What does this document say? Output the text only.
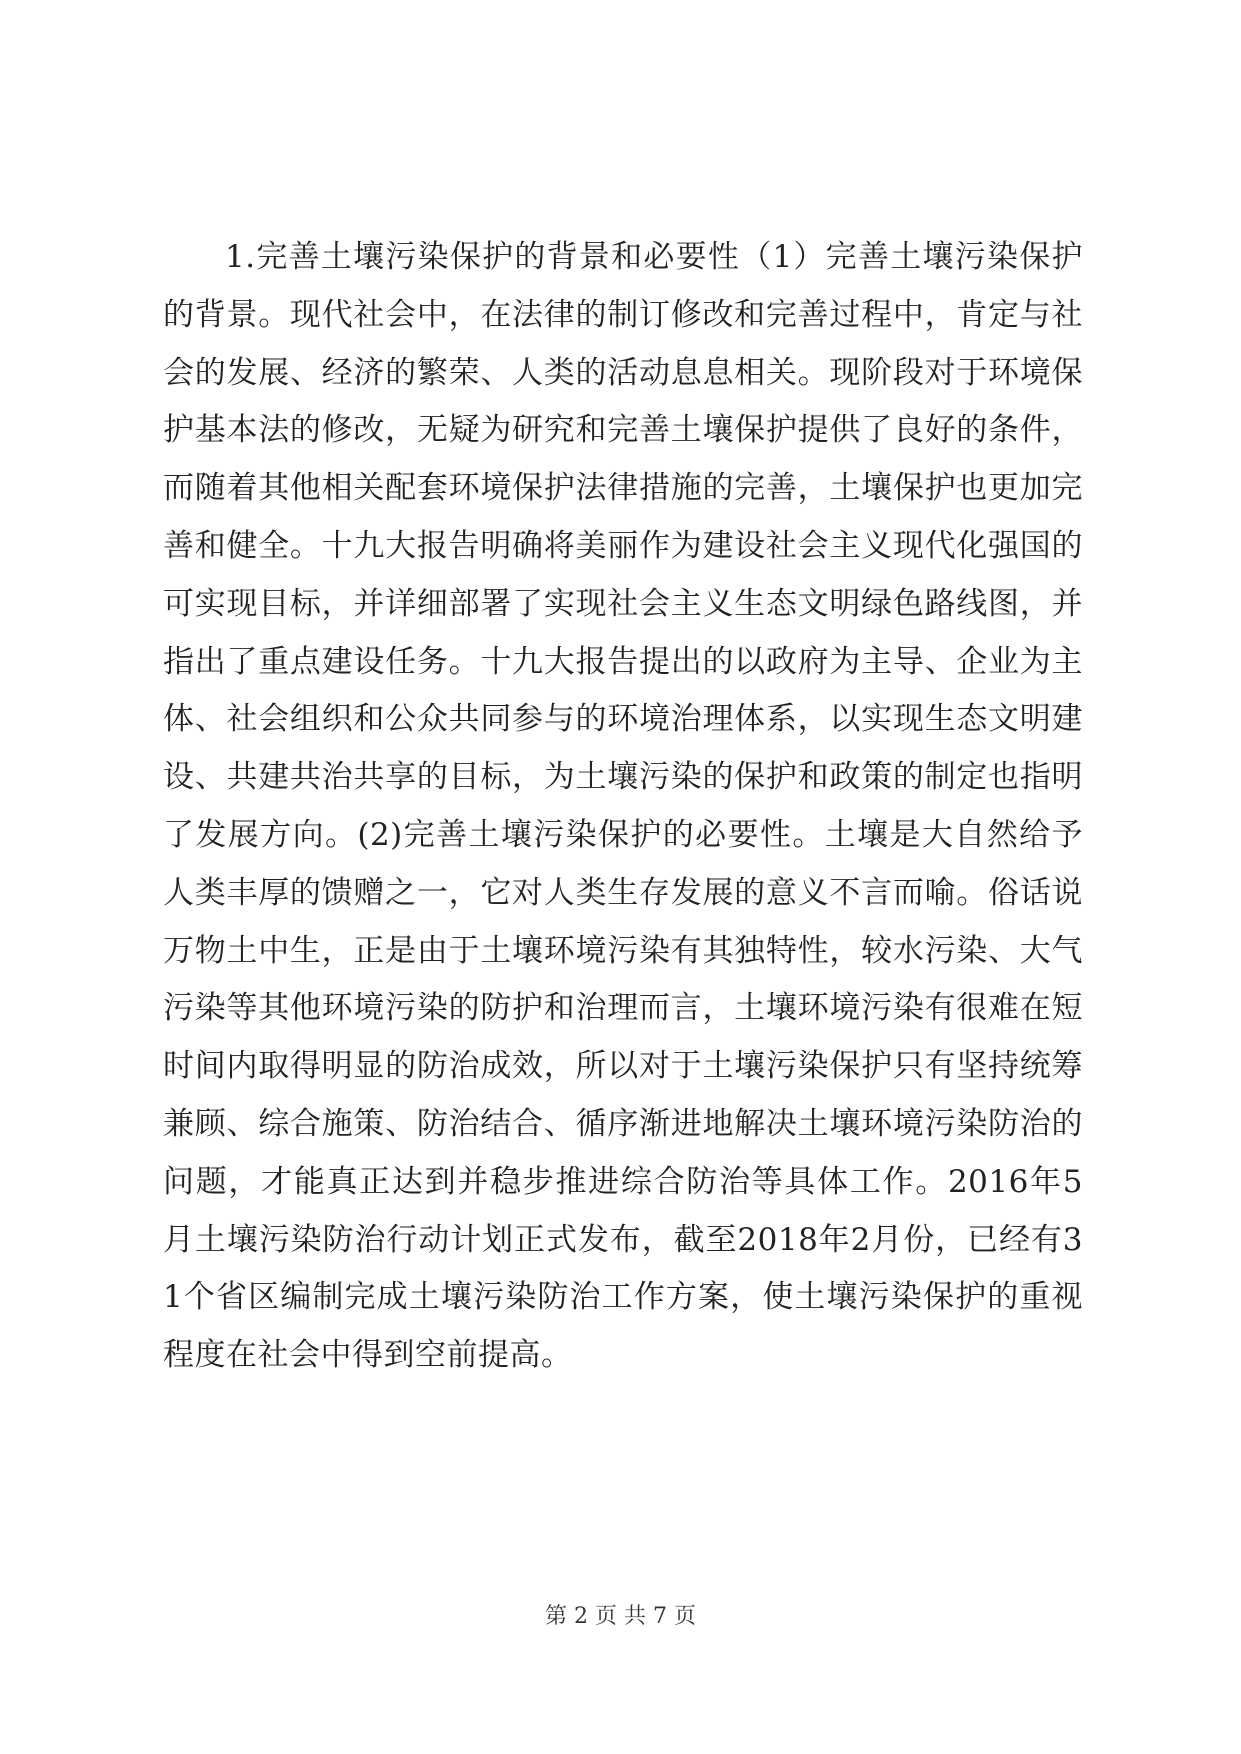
1.完善土壤污染保护的背景和必要性（1）完善土壤污染保护的背景。现代社会中，在法律的制订修改和完善过程中，肯定与社会的发展、经济的繁荣、人类的活动息息相关。现阶段对于环境保护基本法的修改，无疑为研究和完善土壤保护提供了良好的条件，而随着其他相关配套环境保护法律措施的完善，土壤保护也更加完善和健全。十九大报告明确将美丽作为建设社会主义现代化强国的可实现目标，并详细部署了实现社会主义生态文明绿色路线图，并指出了重点建设任务。十九大报告提出的以政府为主导、企业为主体、社会组织和公众共同参与的环境治理体系，以实现生态文明建设、共建共治共享的目标，为土壤污染的保护和政策的制定也指明了发展方向。(2)完善土壤污染保护的必要性。土壤是大自然给予人类丰厚的馈赠之一，它对人类生存发展的意义不言而喻。俗话说万物土中生，正是由于土壤环境污染有其独特性，较水污染、大气污染等其他环境污染的防护和治理而言，土壤环境污染有很难在短时间内取得明显的防治成效，所以对于土壤污染保护只有坚持统筹兼顾、综合施策、防治结合、循序渐进地解决土壤环境污染防治的问题，才能真正达到并稳步推进综合防治等具体工作。2016年5月土壤污染防治行动计划正式发布，截至2018年2月份，已经有31个省区编制完成土壤污染防治工作方案，使土壤污染保护的重视程度在社会中得到空前提高。

第 2 页 共 7 页
